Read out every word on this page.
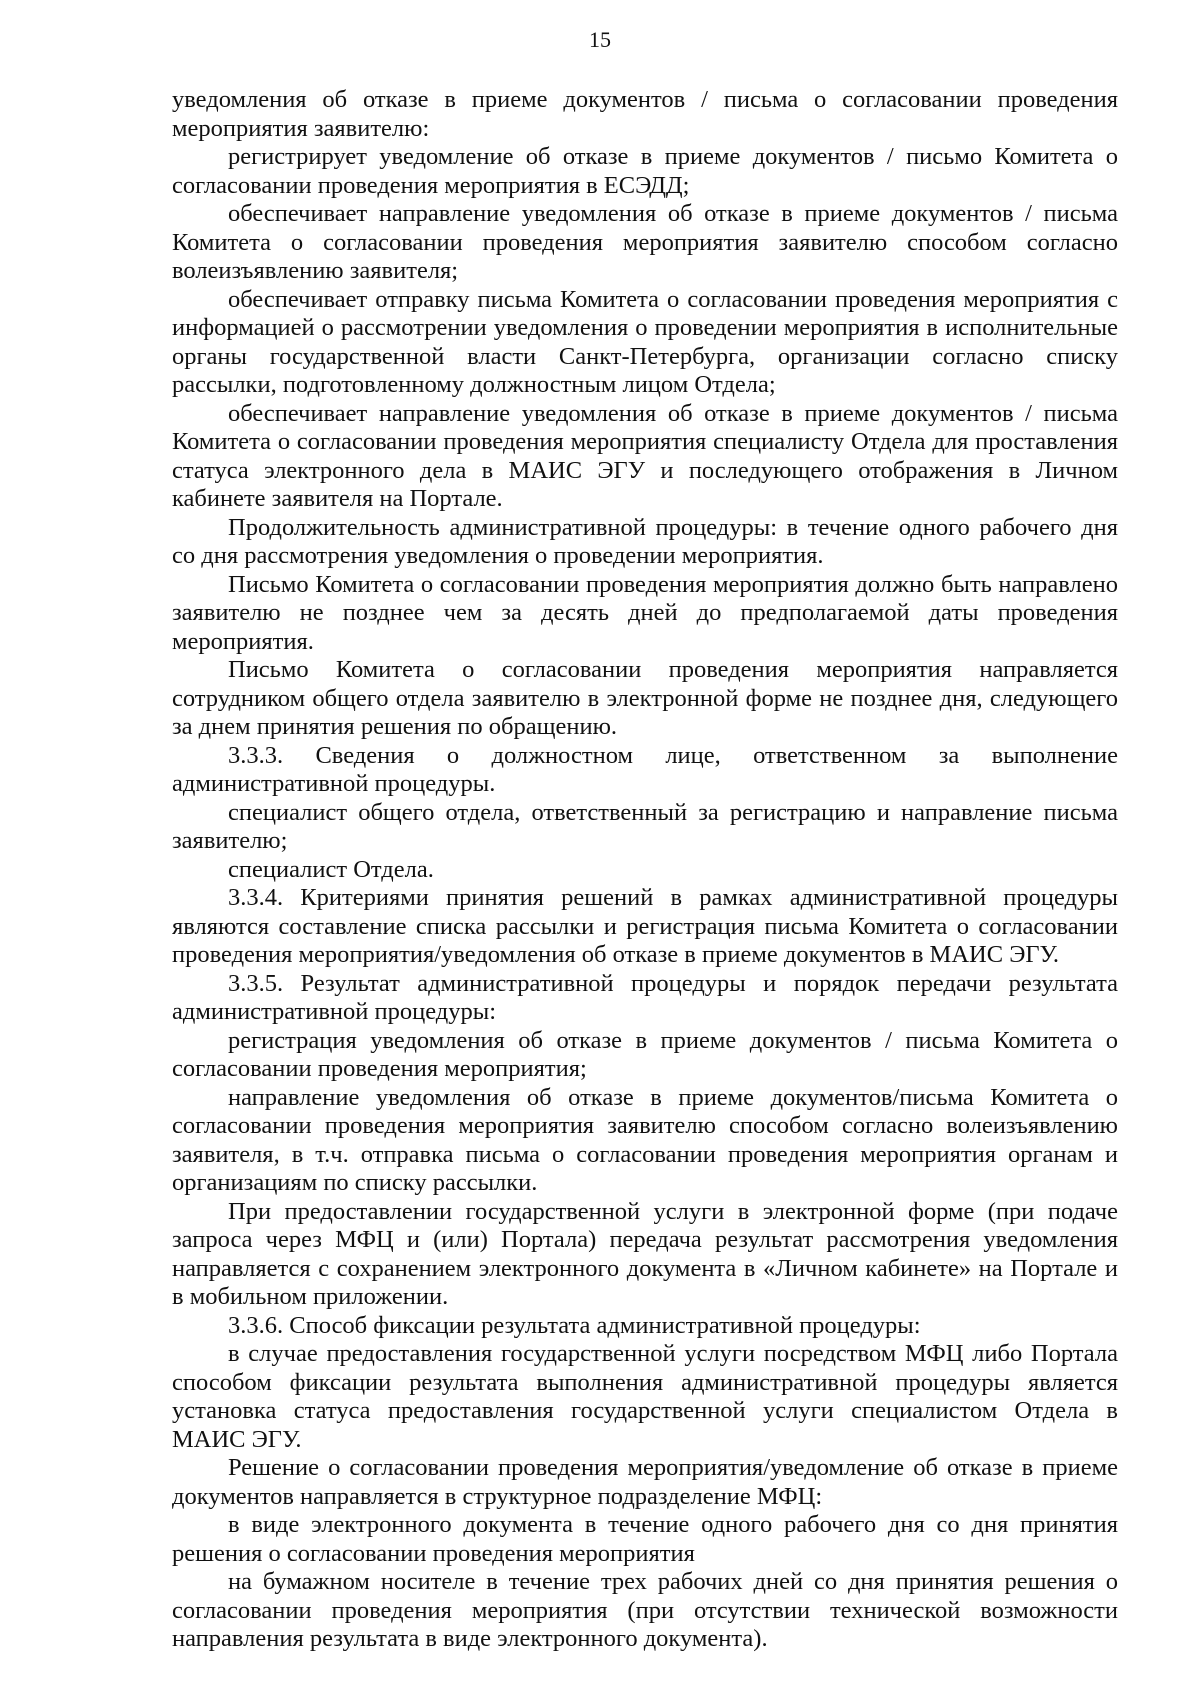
15

уведомления об отказе в приеме документов / письма о согласовании проведения мероприятия заявителю:

регистрирует уведомление об отказе в приеме документов / письмо Комитета о согласовании проведения мероприятия в ЕСЭДД;

обеспечивает направление уведомления об отказе в приеме документов / письма Комитета о согласовании проведения мероприятия заявителю способом согласно волеизъявлению заявителя;

обеспечивает отправку письма Комитета о согласовании проведения мероприятия с информацией о рассмотрении уведомления о проведении мероприятия в исполнительные органы государственной власти Санкт-Петербурга, организации согласно списку рассылки, подготовленному должностным лицом Отдела;

обеспечивает направление уведомления об отказе в приеме документов / письма Комитета о согласовании проведения мероприятия специалисту Отдела для проставления статуса электронного дела в МАИС ЭГУ и последующего отображения в Личном кабинете заявителя на Портале.

Продолжительность административной процедуры: в течение одного рабочего дня со дня рассмотрения уведомления о проведении мероприятия.

Письмо Комитета о согласовании проведения мероприятия должно быть направлено заявителю не позднее чем за десять дней до предполагаемой даты проведения мероприятия.

Письмо Комитета о согласовании проведения мероприятия направляется сотрудником общего отдела заявителю в электронной форме не позднее дня, следующего за днем принятия решения по обращению.

3.3.3. Сведения о должностном лице, ответственном за выполнение административной процедуры.

специалист общего отдела, ответственный за регистрацию и направление письма заявителю;

специалист Отдела.

3.3.4. Критериями принятия решений в рамках административной процедуры являются составление списка рассылки и регистрация письма Комитета о согласовании проведения мероприятия/уведомления об отказе в приеме документов в МАИС ЭГУ.

3.3.5. Результат административной процедуры и порядок передачи результата административной процедуры:

регистрация уведомления об отказе в приеме документов / письма Комитета о согласовании проведения мероприятия;

направление уведомления об отказе в приеме документов/письма Комитета о согласовании проведения мероприятия заявителю способом согласно волеизъявлению заявителя, в т.ч. отправка письма о согласовании проведения мероприятия органам и организациям по списку рассылки.

При предоставлении государственной услуги в электронной форме (при подаче запроса через МФЦ и (или) Портала) передача результат рассмотрения уведомления направляется с сохранением электронного документа в «Личном кабинете» на Портале и в мобильном приложении.

3.3.6. Способ фиксации результата административной процедуры:

в случае предоставления государственной услуги посредством МФЦ либо Портала способом фиксации результата выполнения административной процедуры является установка статуса предоставления государственной услуги специалистом Отдела в МАИС ЭГУ.

Решение о согласовании проведения мероприятия/уведомление об отказе в приеме документов направляется в структурное подразделение МФЦ:

в виде электронного документа в течение одного рабочего дня со дня принятия решения о согласовании проведения мероприятия

на бумажном носителе в течение трех рабочих дней со дня принятия решения о согласовании проведения мероприятия (при отсутствии технической возможности направления результата в виде электронного документа).
